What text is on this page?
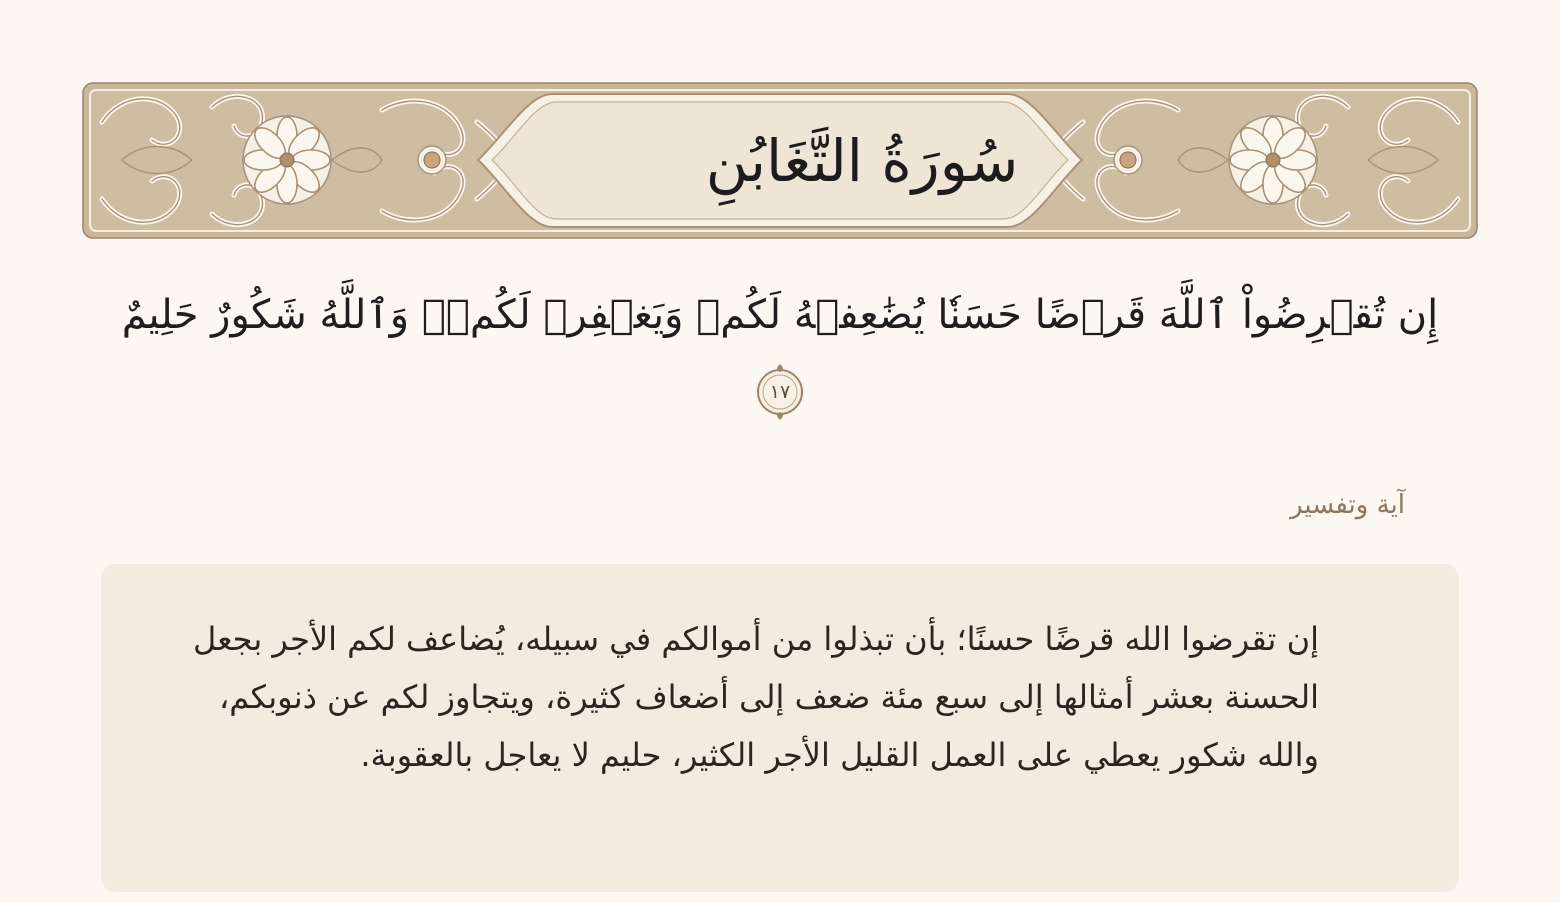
سُورَةُ التَّغَابُنِ
إِن تُقۡرِضُواْ ٱللَّهَ قَرۡضًا حَسَنٗا يُضَٰعِفۡهُ لَكُمۡ وَيَغۡفِرۡ لَكُمۡۚ وَٱللَّهُ شَكُورٌ حَلِيمٌ
١٧
آية وتفسير

إن تقرضوا الله قرضًا حسنًا؛ بأن تبذلوا من أموالكم في سبيله، يُضاعف لكم الأجر بجعل الحسنة بعشر أمثالها إلى سبع مئة ضعف إلى أضعاف كثيرة، ويتجاوز لكم عن ذنوبكم، والله شكور يعطي على العمل القليل الأجر الكثير، حليم لا يعاجل بالعقوبة.
